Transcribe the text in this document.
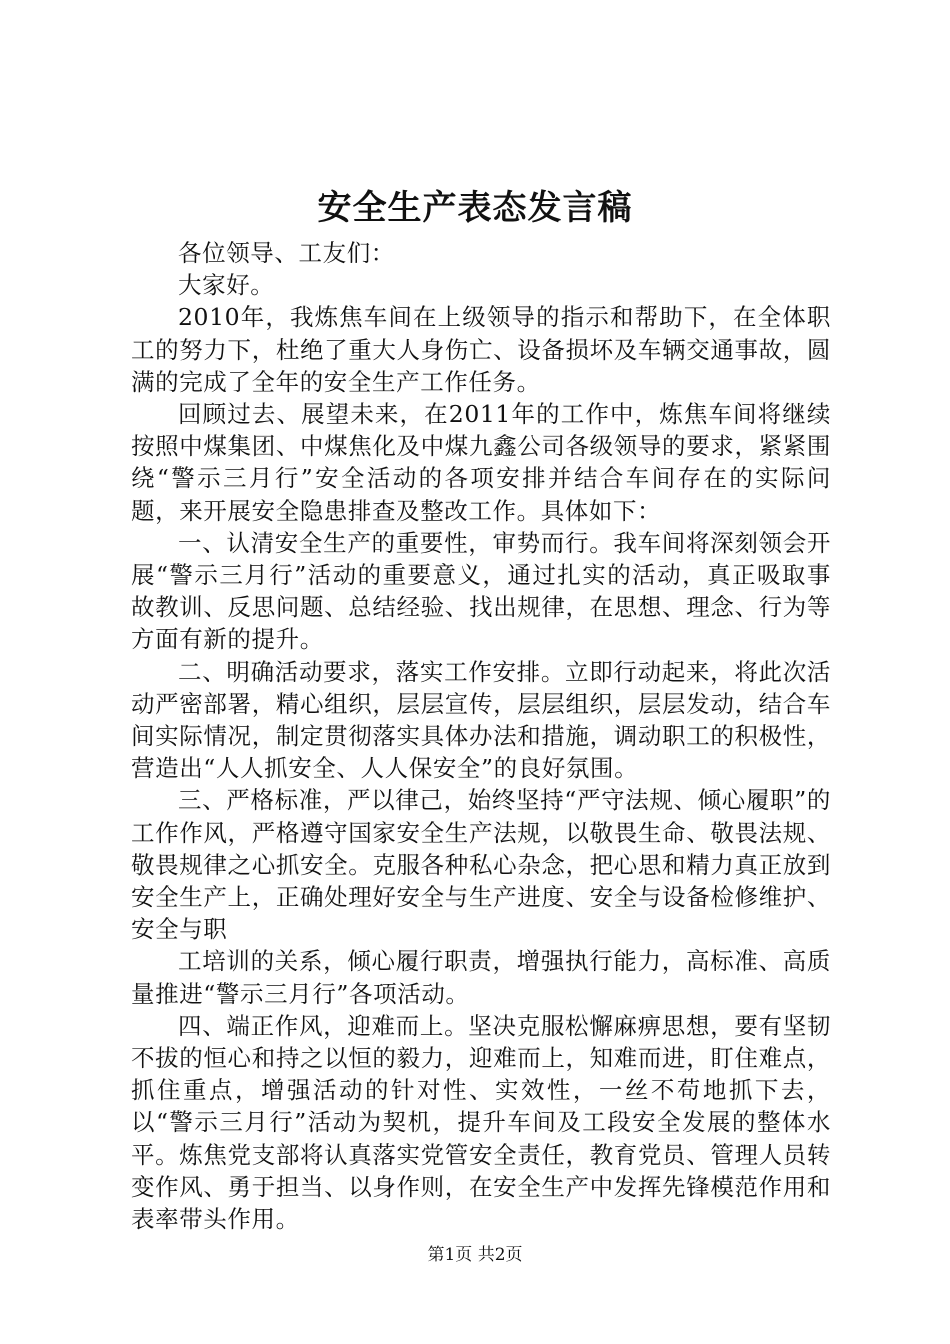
安全生产表态发言稿

各位领导、工友们：

大家好。

2010年，我炼焦车间在上级领导的指示和帮助下，在全体职工的努力下，杜绝了重大人身伤亡、设备损坏及车辆交通事故，圆满的完成了全年的安全生产工作任务。

回顾过去、展望未来，在2011年的工作中，炼焦车间将继续按照中煤集团、中煤焦化及中煤九鑫公司各级领导的要求，紧紧围绕“警示三月行”安全活动的各项安排并结合车间存在的实际问题，来开展安全隐患排查及整改工作。具体如下：

一、认清安全生产的重要性，审势而行。我车间将深刻领会开展“警示三月行”活动的重要意义，通过扎实的活动，真正吸取事故教训、反思问题、总结经验、找出规律，在思想、理念、行为等方面有新的提升。

二、明确活动要求，落实工作安排。立即行动起来，将此次活动严密部署，精心组织，层层宣传，层层组织，层层发动，结合车间实际情况，制定贯彻落实具体办法和措施，调动职工的积极性，营造出“人人抓安全、人人保安全”的良好氛围。

三、严格标准，严以律己，始终坚持“严守法规、倾心履职”的工作作风，严格遵守国家安全生产法规，以敬畏生命、敬畏法规、敬畏规律之心抓安全。克服各种私心杂念，把心思和精力真正放到安全生产上，正确处理好安全与生产进度、安全与设备检修维护、安全与职

工培训的关系，倾心履行职责，增强执行能力，高标准、高质量推进“警示三月行”各项活动。

四、端正作风，迎难而上。坚决克服松懈麻痹思想，要有坚韧不拔的恒心和持之以恒的毅力，迎难而上，知难而进，盯住难点，抓住重点，增强活动的针对性、实效性，一丝不苟地抓下去，以“警示三月行”活动为契机，提升车间及工段安全发展的整体水平。炼焦党支部将认真落实党管安全责任，教育党员、管理人员转变作风、勇于担当、以身作则，在安全生产中发挥先锋模范作用和表率带头作用。

第1页 共2页
